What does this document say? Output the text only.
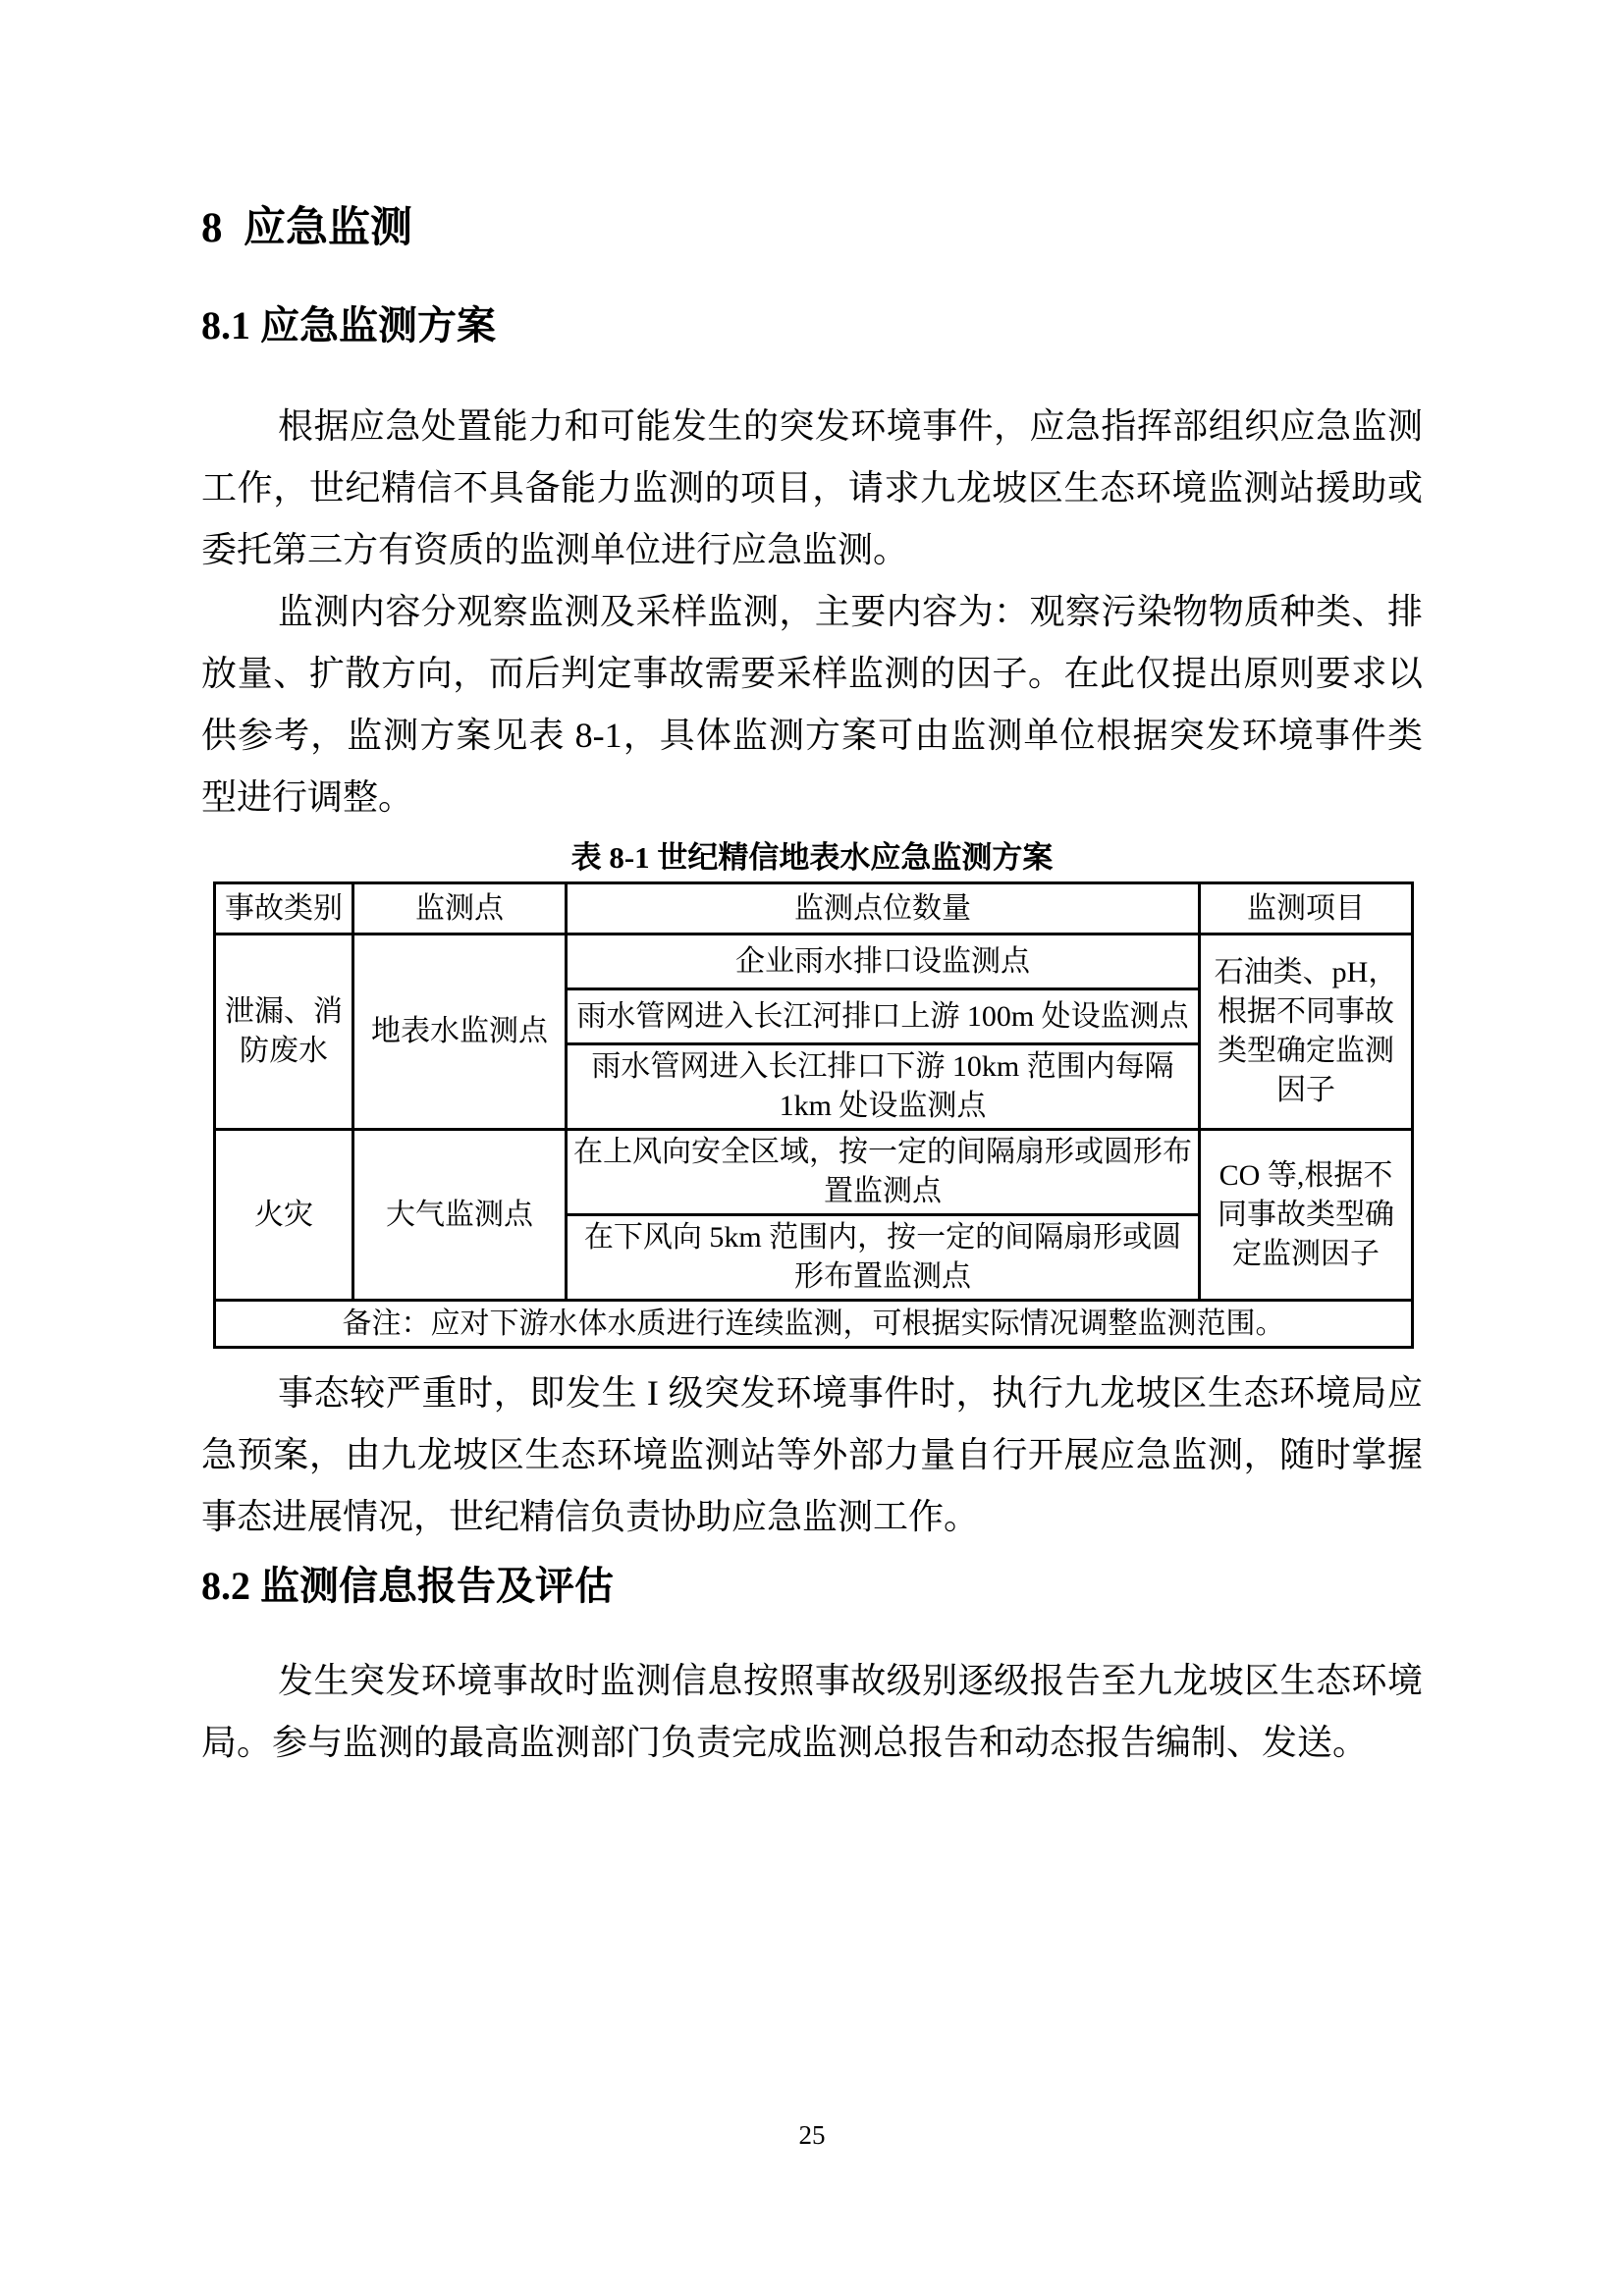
8  应急监测
8.1 应急监测方案

根据应急处置能力和可能发生的突发环境事件，应急指挥部组织应急监测工作，世纪精信不具备能力监测的项目，请求九龙坡区生态环境监测站援助或委托第三方有资质的监测单位进行应急监测。

监测内容分观察监测及采样监测，主要内容为：观察污染物物质种类、排放量、扩散方向，而后判定事故需要采样监测的因子。在此仅提出原则要求以供参考，监测方案见表 8-1，具体监测方案可由监测单位根据突发环境事件类型进行调整。

表 8-1 世纪精信地表水应急监测方案
事故类别	监测点	监测点位数量	监测项目
泄漏、消防废水	地表水监测点	企业雨水排口设监测点	石油类、pH，根据不同事故类型确定监测因子
		雨水管网进入长江河排口上游 100m 处设监测点	
		雨水管网进入长江排口下游 10km 范围内每隔 1km 处设监测点	
火灾	大气监测点	在上风向安全区域，按一定的间隔扇形或圆形布置监测点	CO 等,根据不同事故类型确定监测因子
		在下风向 5km 范围内，按一定的间隔扇形或圆形布置监测点	
备注：应对下游水体水质进行连续监测，可根据实际情况调整监测范围。			

事态较严重时，即发生 I 级突发环境事件时，执行九龙坡区生态环境局应急预案，由九龙坡区生态环境监测站等外部力量自行开展应急监测，随时掌握事态进展情况，世纪精信负责协助应急监测工作。

8.2 监测信息报告及评估

发生突发环境事故时监测信息按照事故级别逐级报告至九龙坡区生态环境局。参与监测的最高监测部门负责完成监测总报告和动态报告编制、发送。

25
